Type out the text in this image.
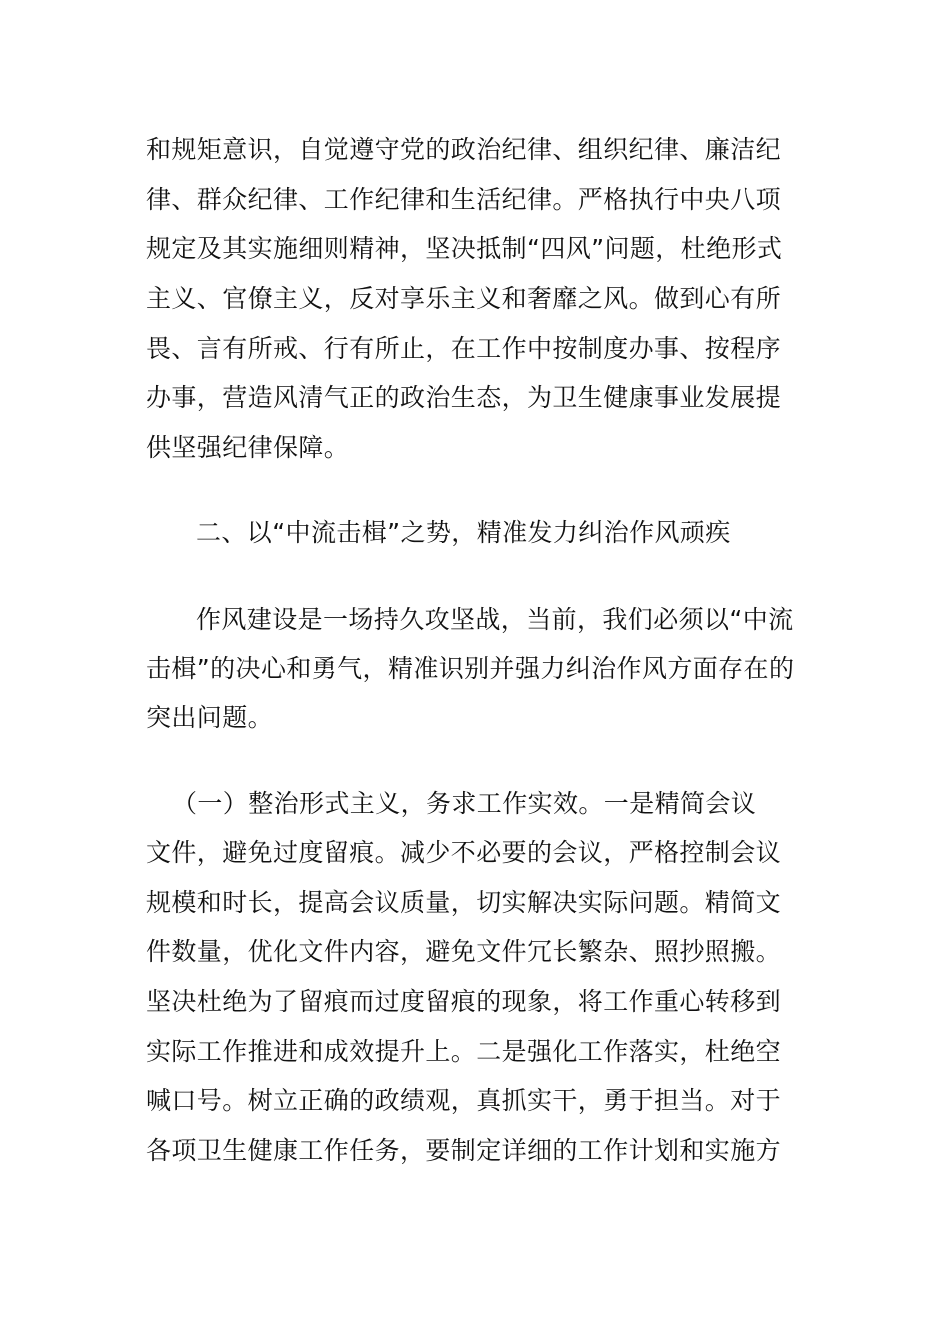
和规矩意识，自觉遵守党的政治纪律、组织纪律、廉洁纪
律、群众纪律、工作纪律和生活纪律。严格执行中央八项
规定及其实施细则精神，坚决抵制“四风”问题，杜绝形式
主义、官僚主义，反对享乐主义和奢靡之风。做到心有所
畏、言有所戒、行有所止，在工作中按制度办事、按程序
办事，营造风清气正的政治生态，为卫生健康事业发展提
供坚强纪律保障。
二、以“中流击楫”之势，精准发力纠治作风顽疾
作风建设是一场持久攻坚战，当前，我们必须以“中流
击楫”的决心和勇气，精准识别并强力纠治作风方面存在的
突出问题。
（一）整治形式主义，务求工作实效。一是精简会议
文件，避免过度留痕。减少不必要的会议，严格控制会议
规模和时长，提高会议质量，切实解决实际问题。精简文
件数量，优化文件内容，避免文件冗长繁杂、照抄照搬。
坚决杜绝为了留痕而过度留痕的现象，将工作重心转移到
实际工作推进和成效提升上。二是强化工作落实，杜绝空
喊口号。树立正确的政绩观，真抓实干，勇于担当。对于
各项卫生健康工作任务，要制定详细的工作计划和实施方
